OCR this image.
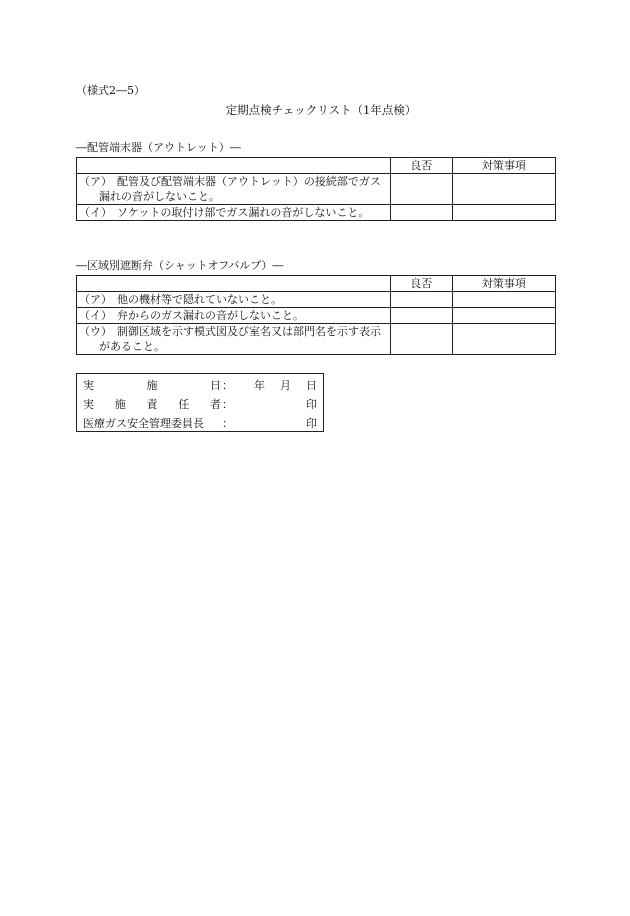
（様式2―5）
定期点検チェックリスト（1年点検）
―配管端末器（アウトレット）―
	良否	対策事項
（ア） 配管及び配管端末器（アウトレット）の接続部でガス漏れの音がしないこと。		
（イ） ソケットの取付け部でガス漏れの音がしないこと。		
―区域別遮断弁（シャットオフバルブ）―
	良否	対策事項
（ア） 他の機材等で隠れていないこと。		
（イ） 弁からのガス漏れの音がしないこと。		
（ウ） 制御区域を示す模式図及び室名又は部門名を示す表示があること。		
実	施	日 ： 年 月 日
実 施 責 任 者 ：	印
医療ガス安全管理委員長	：	印
